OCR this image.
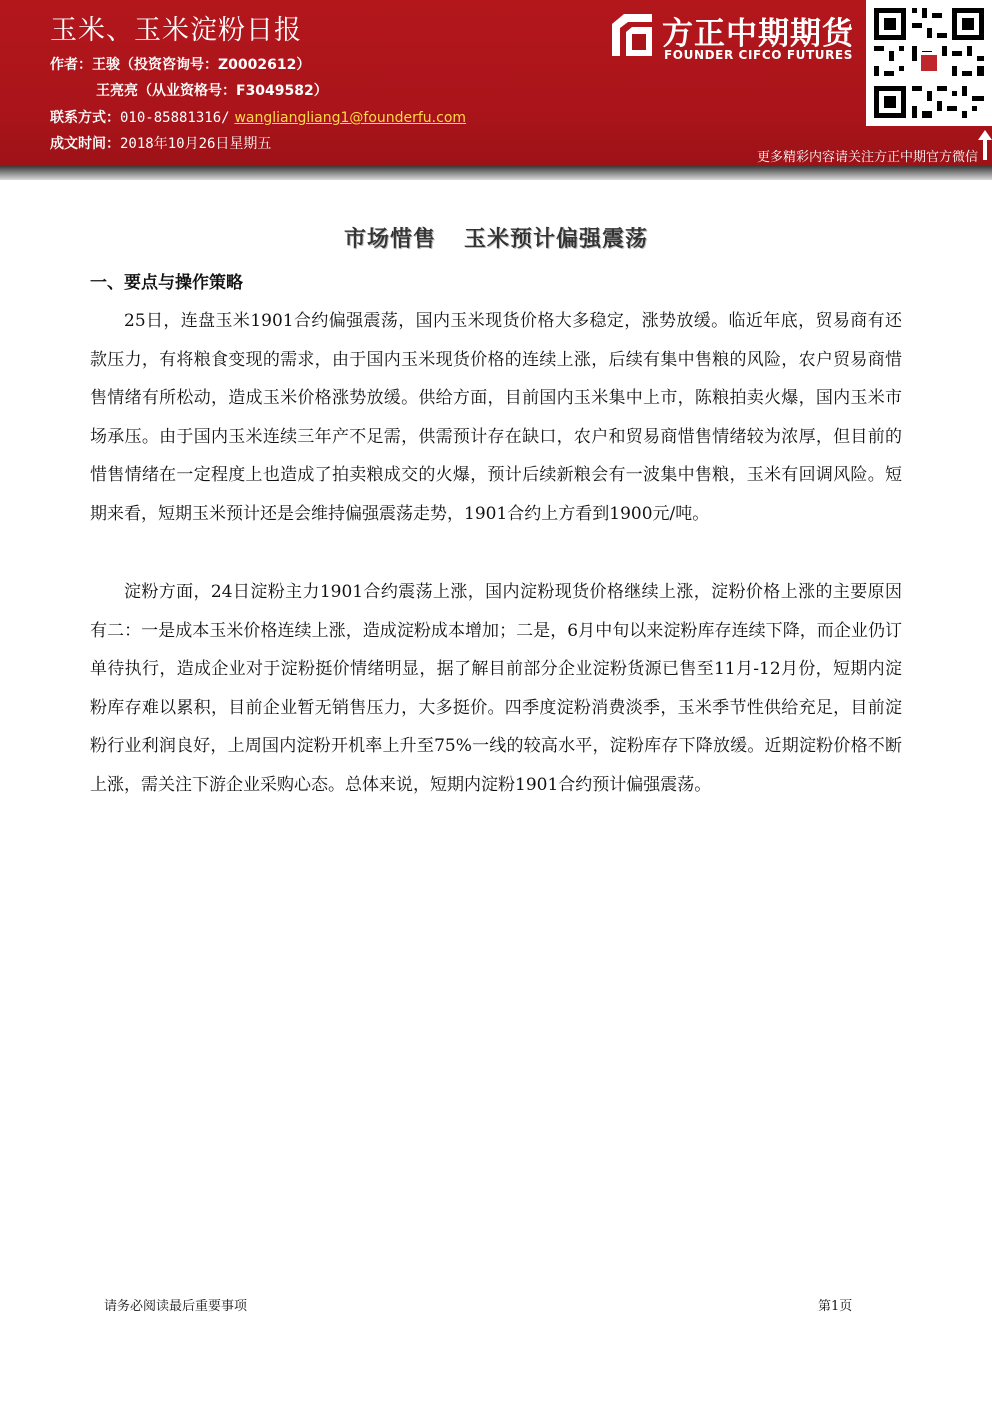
玉米、玉米淀粉日报
作者：王骏（投资咨询号：Z0002612）
王亮亮（从业资格号：F3049582）
联系方式：010-85881316/ wangliangliang1@founderfu.com
成文时间：2018年10月26日星期五
方正中期期货
FOUNDER CIFCO FUTURES
更多精彩内容请关注方正中期官方微信
市场惜售 玉米预计偏强震荡
一、要点与操作策略

25日，连盘玉米1901合约偏强震荡，国内玉米现货价格大多稳定，涨势放缓。临近年底，贸易商有还款压力，有将粮食变现的需求，由于国内玉米现货价格的连续上涨，后续有集中售粮的风险，农户贸易商惜售情绪有所松动，造成玉米价格涨势放缓。供给方面，目前国内玉米集中上市，陈粮拍卖火爆，国内玉米市场承压。由于国内玉米连续三年产不足需，供需预计存在缺口，农户和贸易商惜售情绪较为浓厚，但目前的惜售情绪在一定程度上也造成了拍卖粮成交的火爆，预计后续新粮会有一波集中售粮，玉米有回调风险。短期来看，短期玉米预计还是会维持偏强震荡走势，1901合约上方看到1900元/吨。

淀粉方面，24日淀粉主力1901合约震荡上涨，国内淀粉现货价格继续上涨，淀粉价格上涨的主要原因有二：一是成本玉米价格连续上涨，造成淀粉成本增加；二是，6月中旬以来淀粉库存连续下降，而企业仍订单待执行，造成企业对于淀粉挺价情绪明显，据了解目前部分企业淀粉货源已售至11月-12月份，短期内淀粉库存难以累积，目前企业暂无销售压力，大多挺价。四季度淀粉消费淡季，玉米季节性供给充足，目前淀粉行业利润良好，上周国内淀粉开机率上升至75%一线的较高水平，淀粉库存下降放缓。近期淀粉价格不断上涨，需关注下游企业采购心态。总体来说，短期内淀粉1901合约预计偏强震荡。

请务必阅读最后重要事项	第1页
